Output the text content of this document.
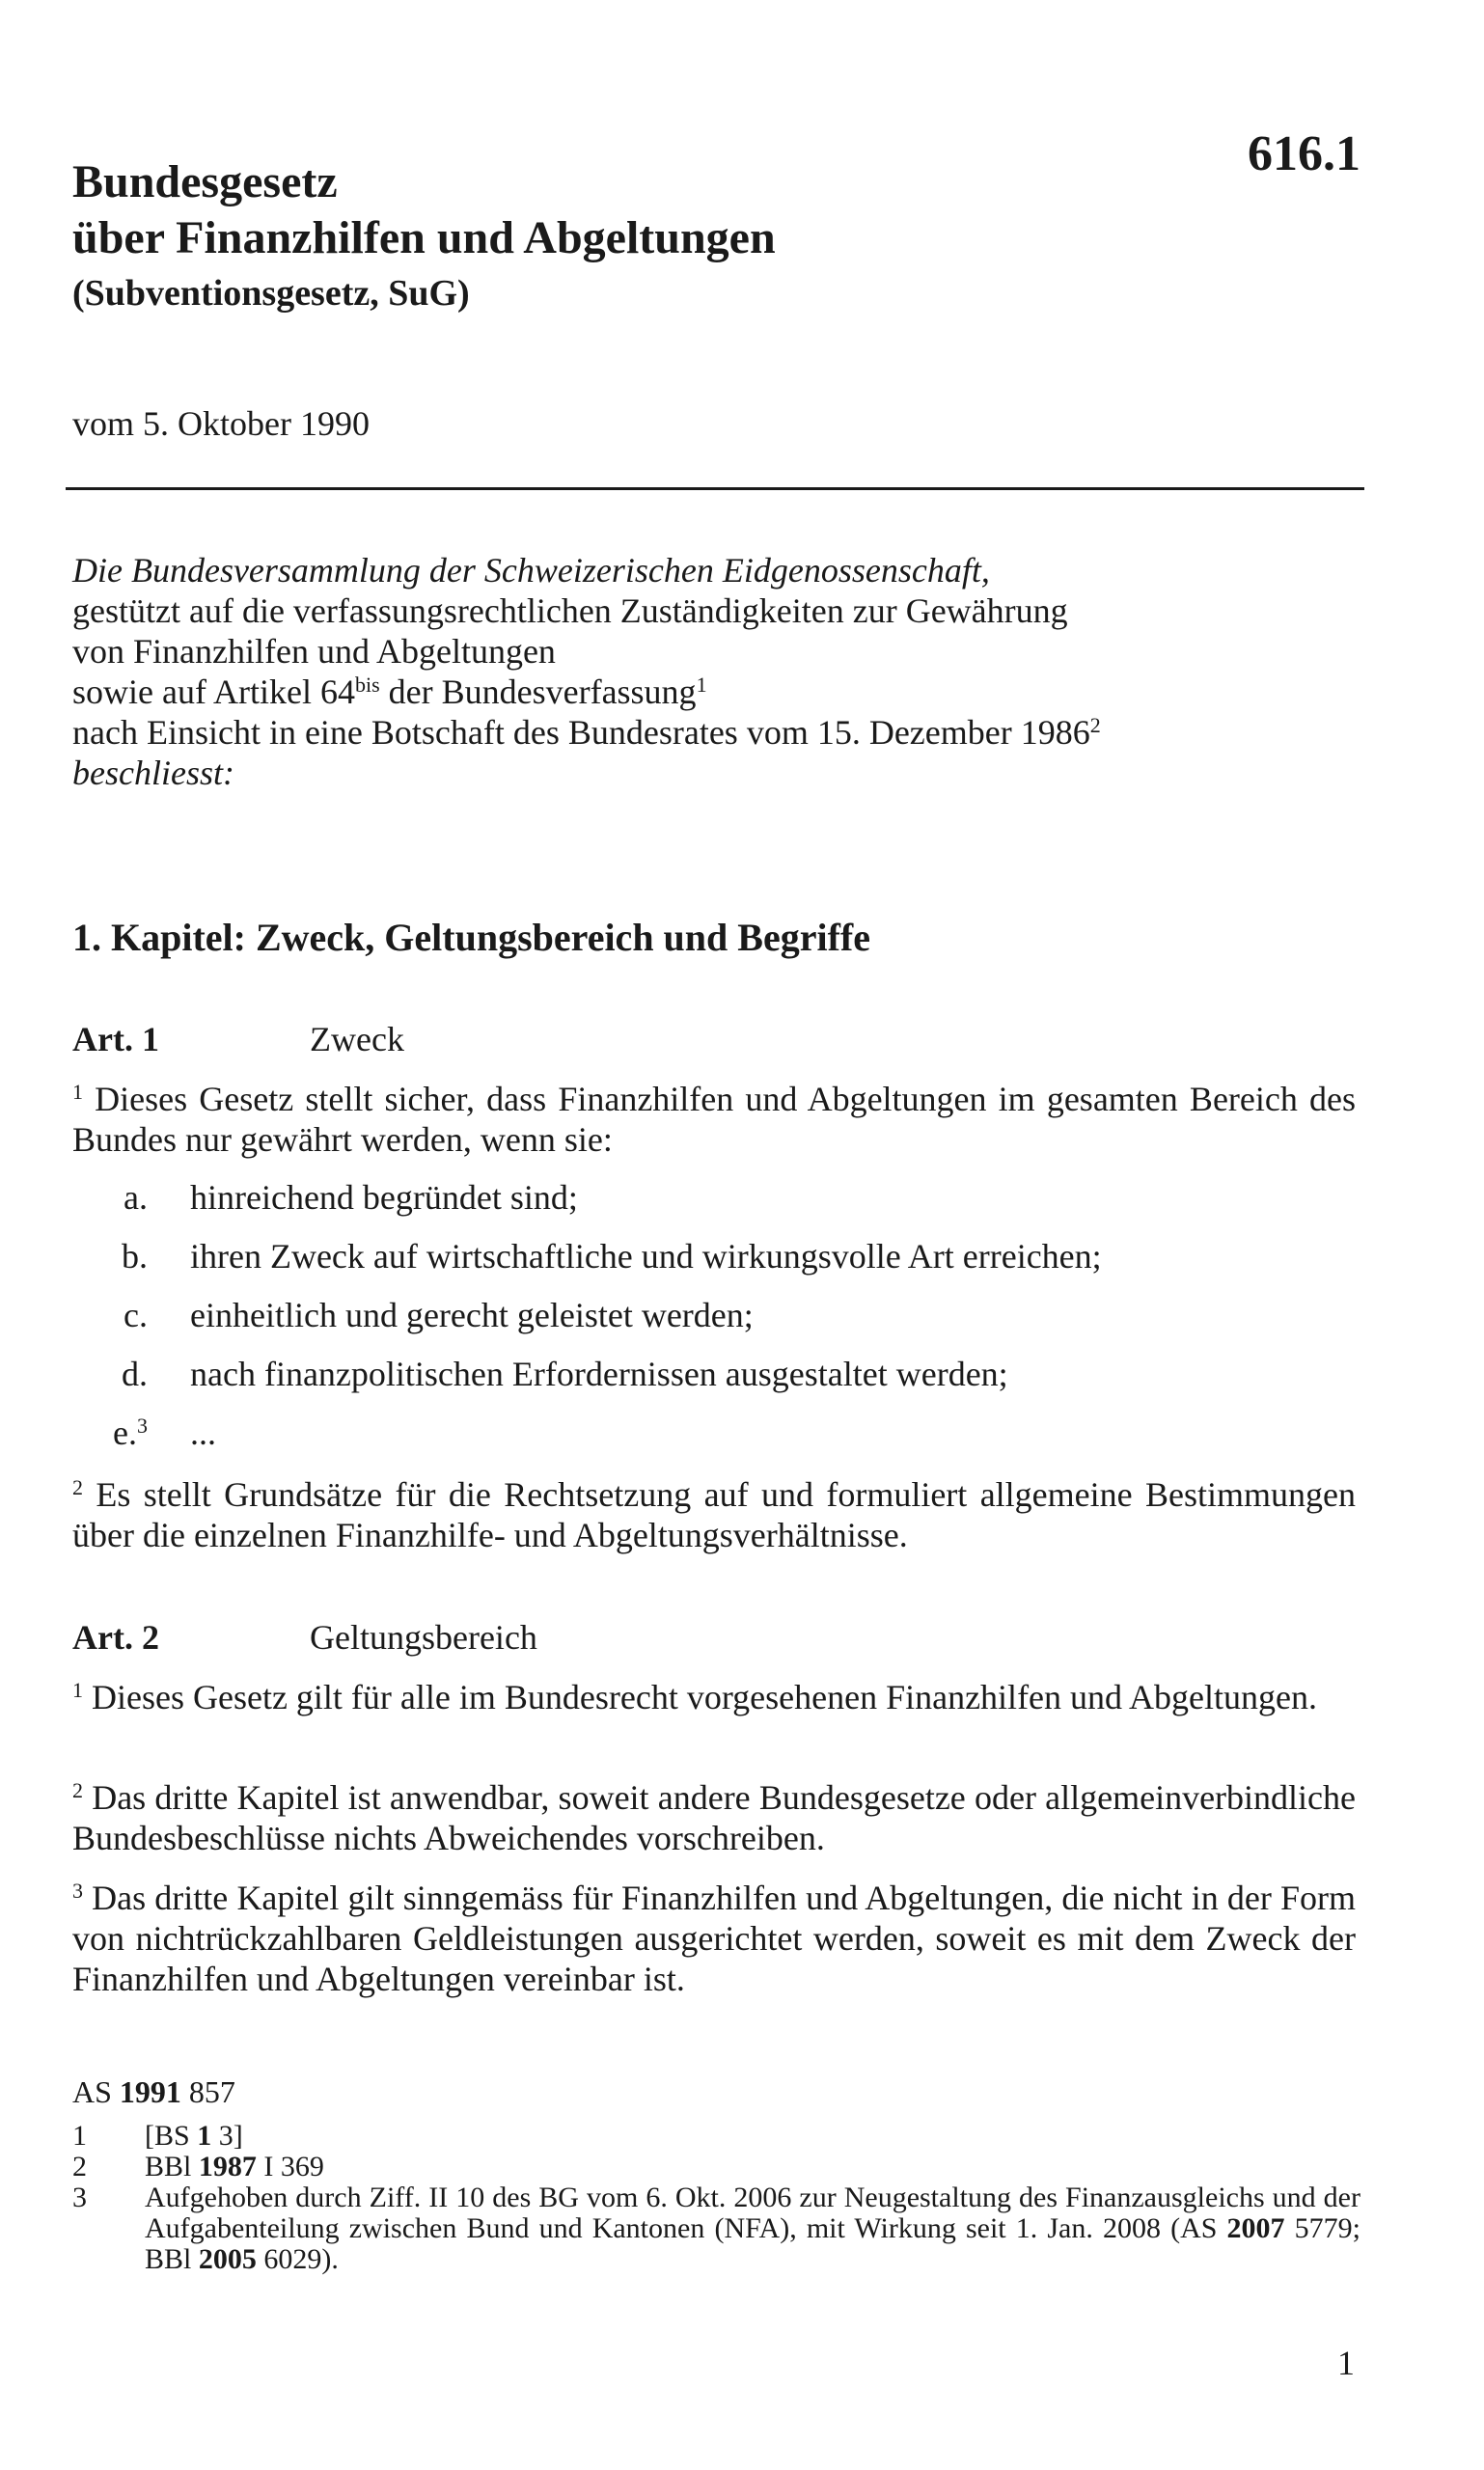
616.1
Bundesgesetz
über Finanzhilfen und Abgeltungen
(Subventionsgesetz, SuG)
vom 5. Oktober 1990
Die Bundesversammlung der Schweizerischen Eidgenossenschaft,
gestützt auf die verfassungsrechtlichen Zuständigkeiten zur Gewährung
von Finanzhilfen und Abgeltungen
sowie auf Artikel $64^{bis}$ der Bundesverfassung$^1$
nach Einsicht in eine Botschaft des Bundesrates vom 15. Dezember 1986$^2$
beschliesst:
1. Kapitel: Zweck, Geltungsbereich und Begriffe
Art. 1	Zweck
$^1$ Dieses Gesetz stellt sicher, dass Finanzhilfen und Abgeltungen im gesamten Bereich des Bundes nur gewährt werden, wenn sie:
a. hinreichend begründet sind;
b. ihren Zweck auf wirtschaftliche und wirkungsvolle Art erreichen;
c. einheitlich und gerecht geleistet werden;
d. nach finanzpolitischen Erfordernissen ausgestaltet werden;
e.$^3$ ...
$^2$ Es stellt Grundsätze für die Rechtsetzung auf und formuliert allgemeine Bestimmungen über die einzelnen Finanzhilfe- und Abgeltungsverhältnisse.
Art. 2	Geltungsbereich
$^1$ Dieses Gesetz gilt für alle im Bundesrecht vorgesehenen Finanzhilfen und Abgeltungen.
$^2$ Das dritte Kapitel ist anwendbar, soweit andere Bundesgesetze oder allgemeinverbindliche Bundesbeschlüsse nichts Abweichendes vorschreiben.
$^3$ Das dritte Kapitel gilt sinngemäss für Finanzhilfen und Abgeltungen, die nicht in der Form von nichtrückzahlbaren Geldleistungen ausgerichtet werden, soweit es mit dem Zweck der Finanzhilfen und Abgeltungen vereinbar ist.
AS 1991 857
1 [BS 1 3]
2 BBl 1987 I 369
3 Aufgehoben durch Ziff. II 10 des BG vom 6. Okt. 2006 zur Neugestaltung des Finanzausgleichs und der Aufgabenteilung zwischen Bund und Kantonen (NFA), mit Wirkung seit 1. Jan. 2008 (AS 2007 5779; BBl 2005 6029).
1
